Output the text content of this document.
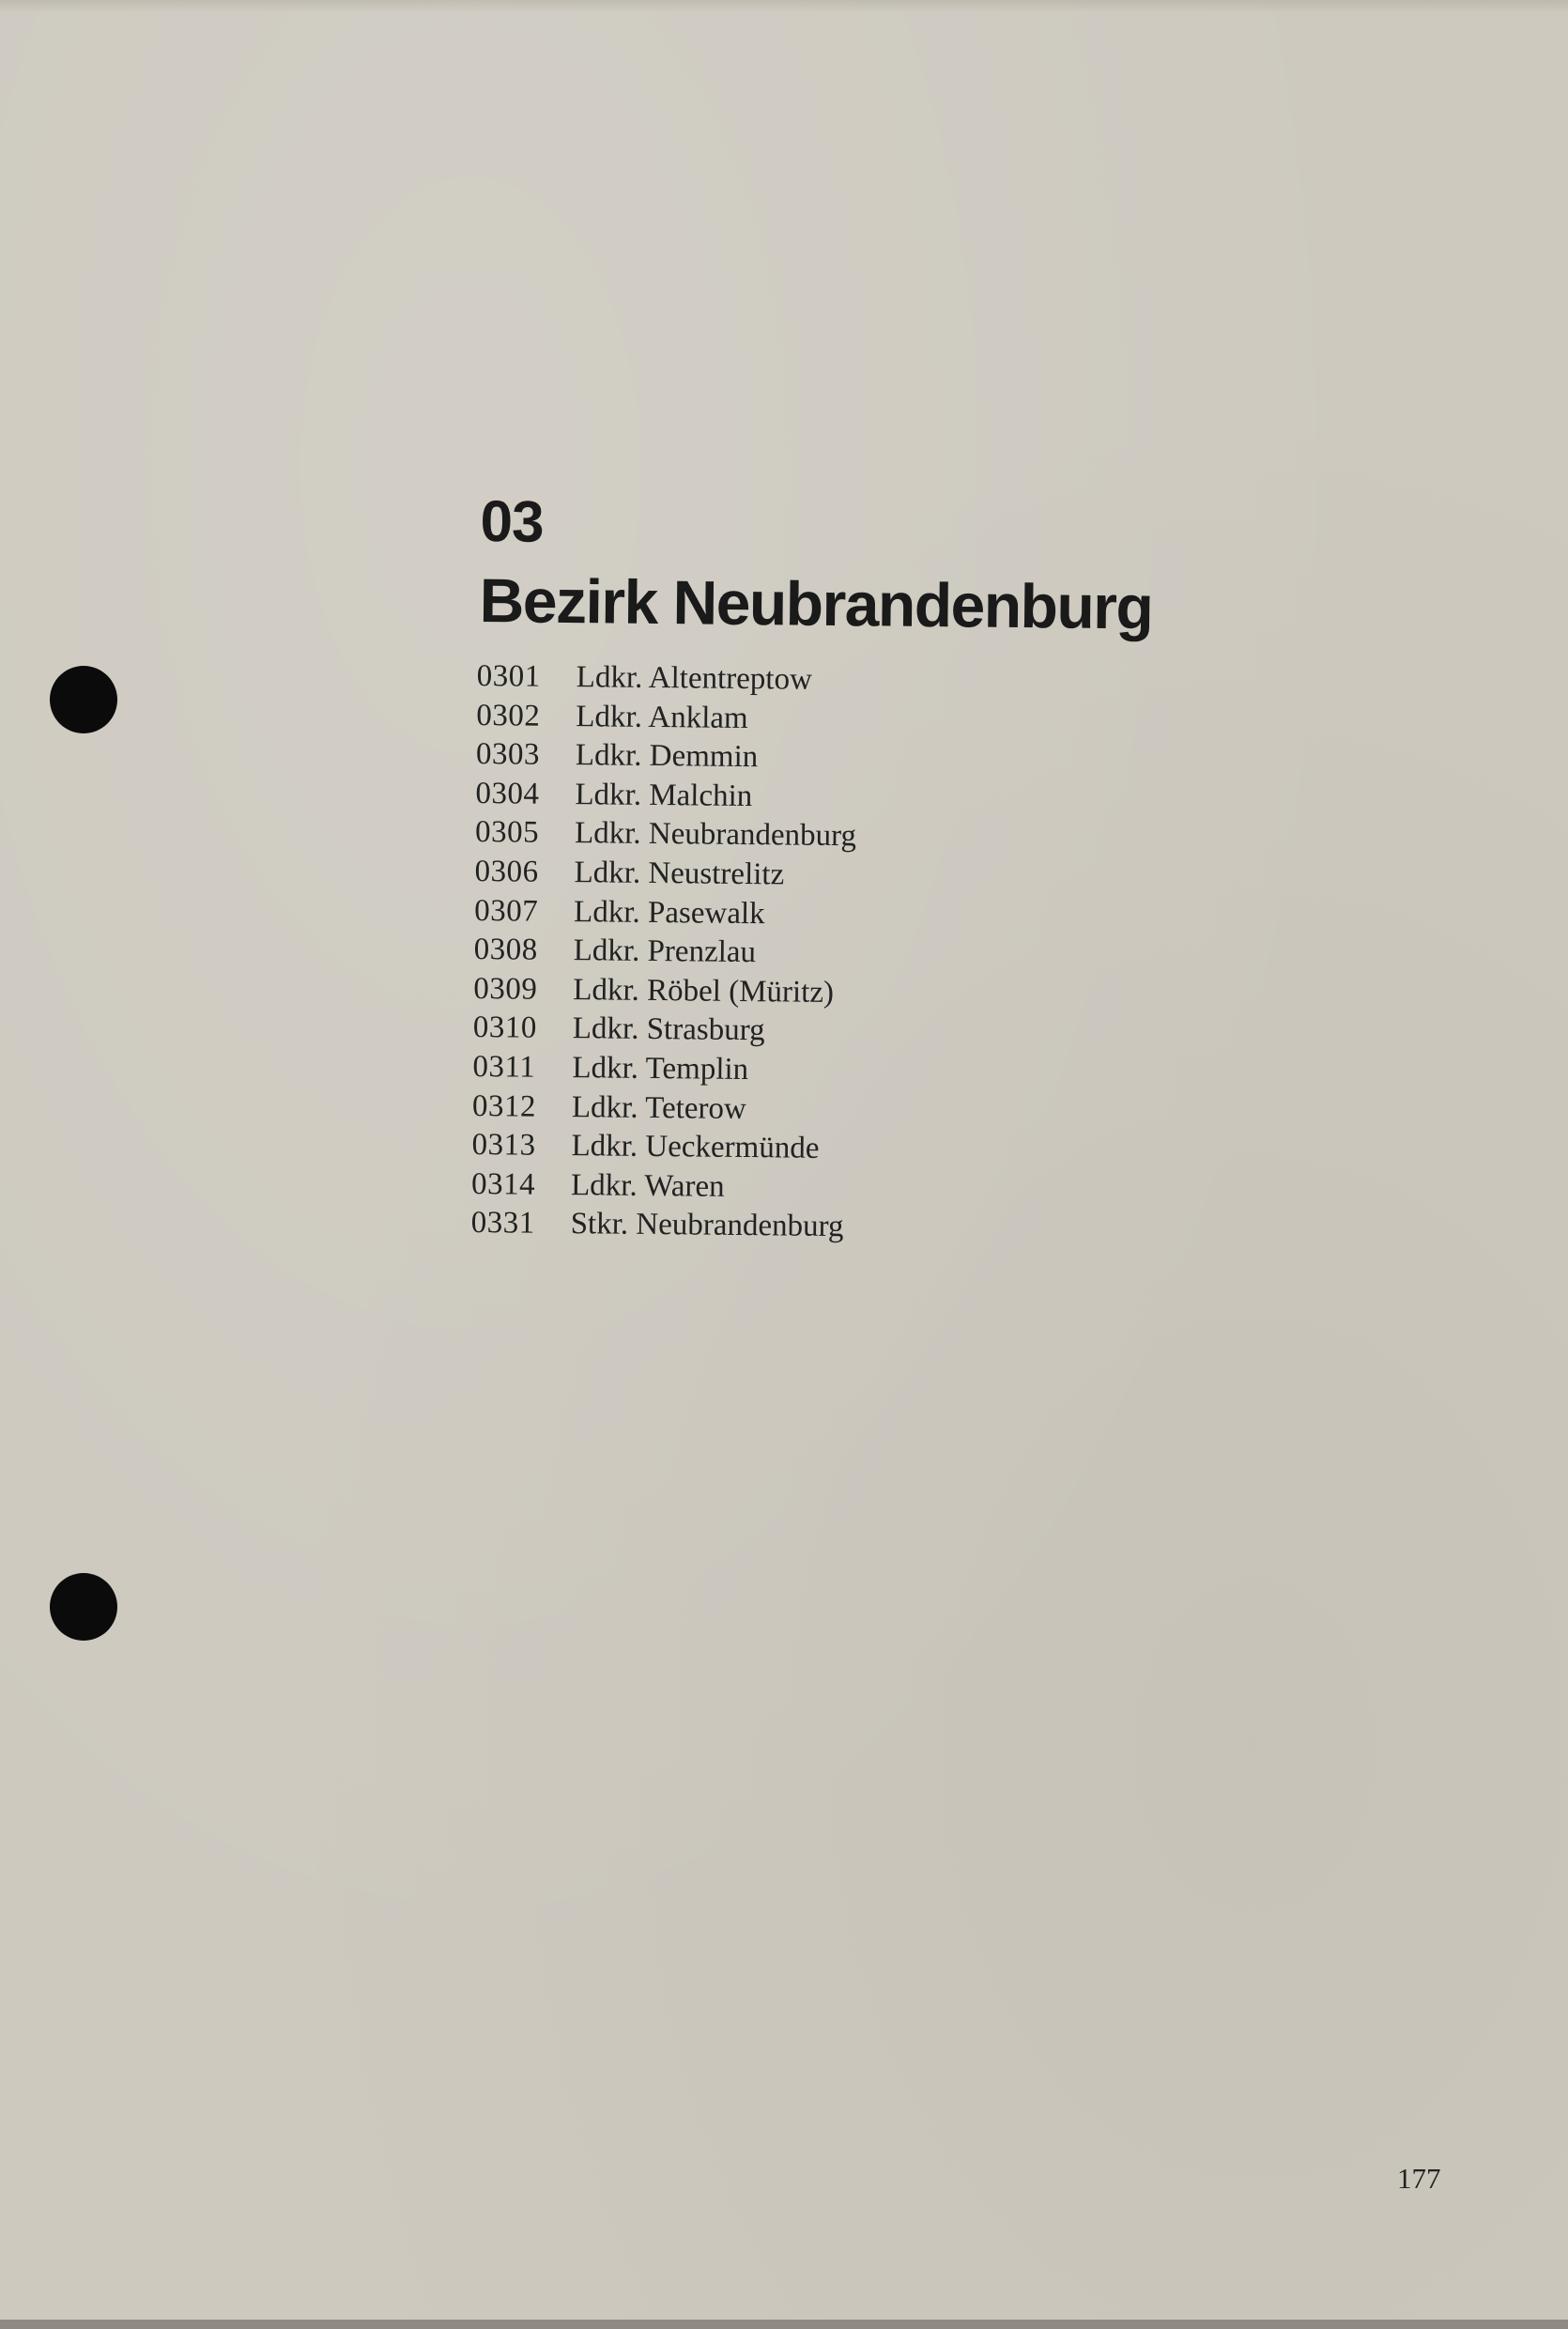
03
Bezirk Neubrandenburg
0301	Ldkr. Altentreptow
0302	Ldkr. Anklam
0303	Ldkr. Demmin
0304	Ldkr. Malchin
0305	Ldkr. Neubrandenburg
0306	Ldkr. Neustrelitz
0307	Ldkr. Pasewalk
0308	Ldkr. Prenzlau
0309	Ldkr. Röbel (Müritz)
0310	Ldkr. Strasburg
0311	Ldkr. Templin
0312	Ldkr. Teterow
0313	Ldkr. Ueckermünde
0314	Ldkr. Waren
0331	Stkr. Neubrandenburg
177
